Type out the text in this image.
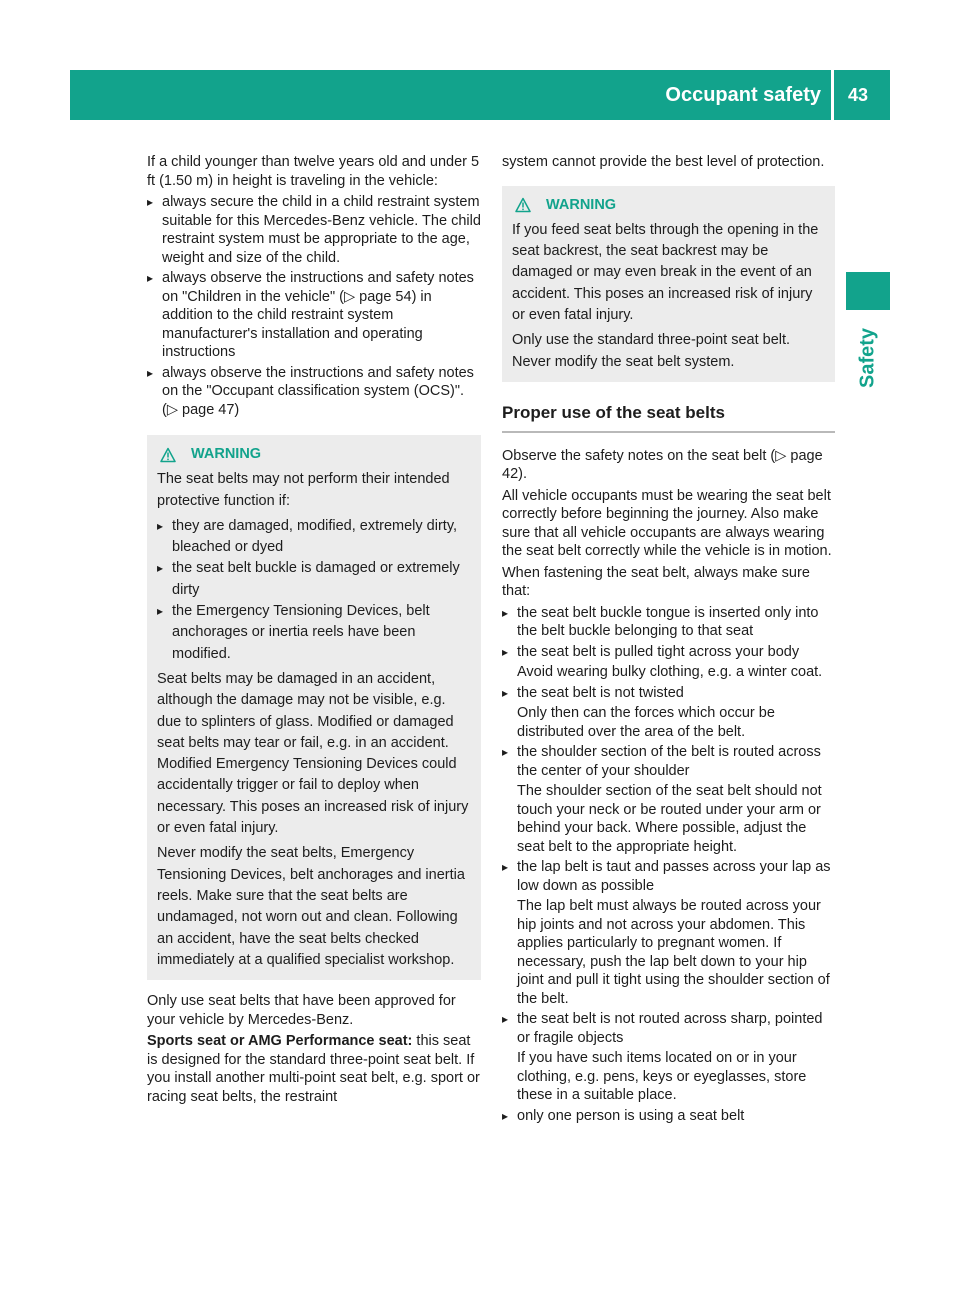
Occupant safety	43
Safety

If a child younger than twelve years old and under 5 ft (1.50 m) in height is traveling in the vehicle:

▸ always secure the child in a child restraint system suitable for this Mercedes-Benz vehicle. The child restraint system must be appropriate to the age, weight and size of the child.
▸ always observe the instructions and safety notes on "Children in the vehicle" (▷ page 54) in addition to the child restraint system manufacturer's installation and operating instructions
▸ always observe the instructions and safety notes on the "Occupant classification system (OCS)". (▷ page 47)
WARNING

The seat belts may not perform their intended protective function if:

▸ they are damaged, modified, extremely dirty, bleached or dyed
▸ the seat belt buckle is damaged or extremely dirty
▸ the Emergency Tensioning Devices, belt anchorages or inertia reels have been modified.

Seat belts may be damaged in an accident, although the damage may not be visible, e.g. due to splinters of glass. Modified or damaged seat belts may tear or fail, e.g. in an accident. Modified Emergency Tensioning Devices could accidentally trigger or fail to deploy when necessary. This poses an increased risk of injury or even fatal injury.

Never modify the seat belts, Emergency Tensioning Devices, belt anchorages and inertia reels. Make sure that the seat belts are undamaged, not worn out and clean. Following an accident, have the seat belts checked immediately at a qualified specialist workshop.

Only use seat belts that have been approved for your vehicle by Mercedes-Benz.

Sports seat or AMG Performance seat: this seat is designed for the standard three-point seat belt. If you install another multi-point seat belt, e.g. sport or racing seat belts, the restraint

system cannot provide the best level of protection.

WARNING

If you feed seat belts through the opening in the seat backrest, the seat backrest may be damaged or may even break in the event of an accident. This poses an increased risk of injury or even fatal injury.

Only use the standard three-point seat belt. Never modify the seat belt system.

Proper use of the seat belts

Observe the safety notes on the seat belt (▷ page 42).

All vehicle occupants must be wearing the seat belt correctly before beginning the journey. Also make sure that all vehicle occupants are always wearing the seat belt correctly while the vehicle is in motion.

When fastening the seat belt, always make sure that:

▸ the seat belt buckle tongue is inserted only into the belt buckle belonging to that seat
▸ the seat belt is pulled tight across your body
Avoid wearing bulky clothing, e.g. a winter coat.
▸ the seat belt is not twisted
Only then can the forces which occur be distributed over the area of the belt.
▸ the shoulder section of the belt is routed across the center of your shoulder
The shoulder section of the seat belt should not touch your neck or be routed under your arm or behind your back. Where possible, adjust the seat belt to the appropriate height.
▸ the lap belt is taut and passes across your lap as low down as possible
The lap belt must always be routed across your hip joints and not across your abdomen. This applies particularly to pregnant women. If necessary, push the lap belt down to your hip joint and pull it tight using the shoulder section of the belt.
▸ the seat belt is not routed across sharp, pointed or fragile objects
If you have such items located on or in your clothing, e.g. pens, keys or eyeglasses, store these in a suitable place.
▸ only one person is using a seat belt
